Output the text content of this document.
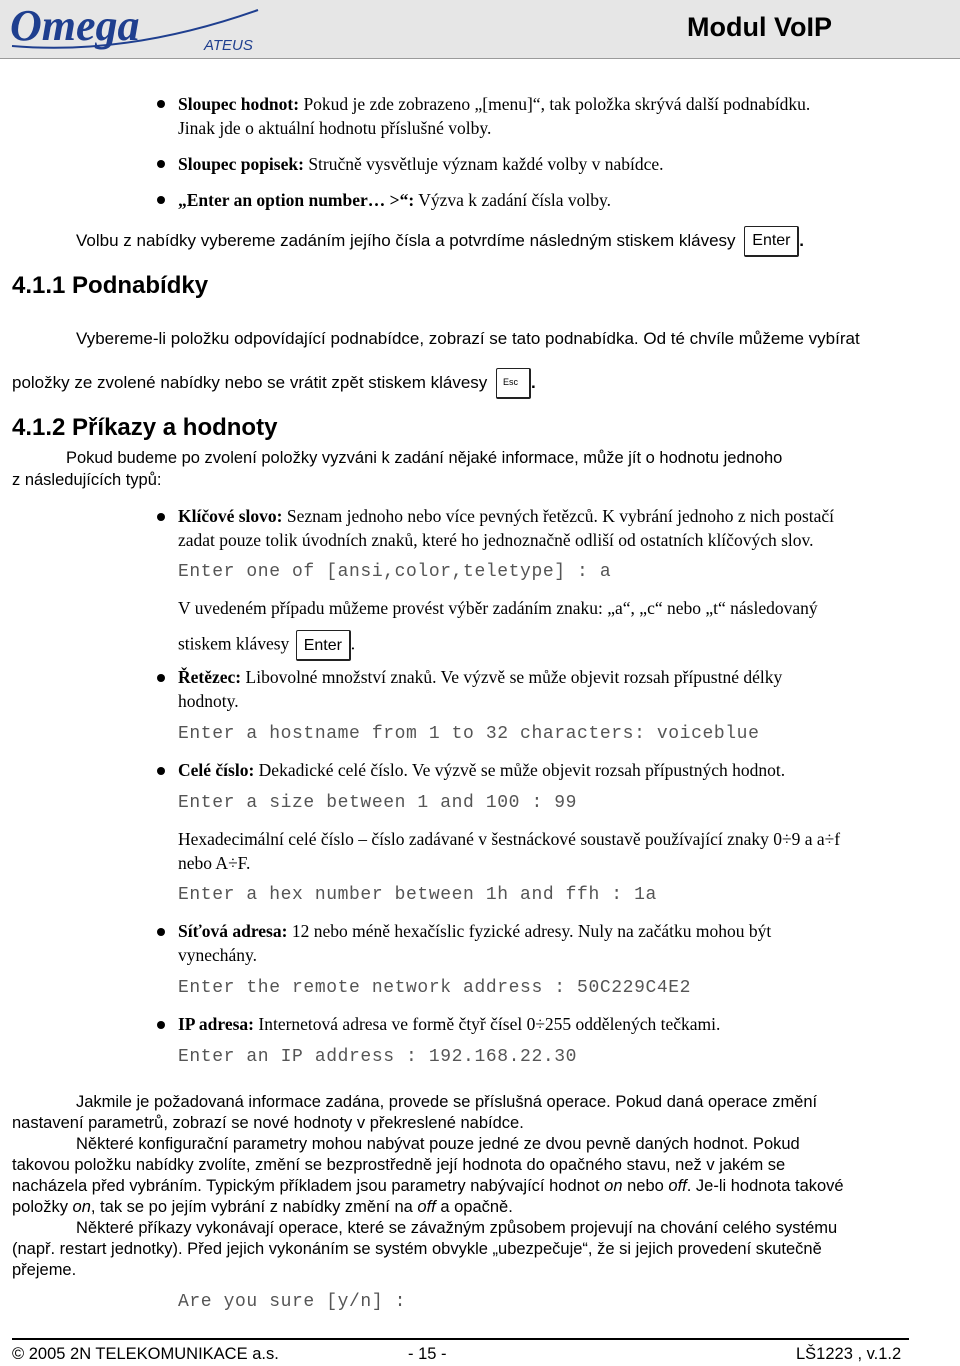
Omega	ATEUS
Modul VoIP
Sloupec hodnot: Pokud je zde zobrazeno „[menu]“, tak položka skrývá další podnabídku.
Jinak jde o aktuální hodnotu příslušné volby.
Sloupec popisek: Stručně vysvětluje význam každé volby v nabídce.
„Enter an option number… >“: Výzva k zadání čísla volby.
Volbu z nabídky vybereme zadáním jejího čísla a potvrdíme následným stiskem klávesy Enter .
4.1.1 Podnabídky
Vybereme-li položku odpovídající podnabídce, zobrazí se tato podnabídka. Od té chvíle můžeme vybírat
položky ze zvolené nabídky nebo se vrátit zpět stiskem klávesy Esc .
4.1.2 Příkazy a hodnoty
Pokud budeme po zvolení položky vyzváni k zadání nějaké informace, může jít o hodnotu jednoho
z následujících typů:
Klíčové slovo: Seznam jednoho nebo více pevných řetězců. K vybrání jednoho z nich postačí
zadat pouze tolik úvodních znaků, které ho jednoznačně odliší od ostatních klíčových slov.
Enter one of [ansi,color,teletype] : a
V uvedeném případu můžeme provést výběr zadáním znaku: „a“, „c“ nebo „t“ následovaný
stiskem klávesy Enter .
Řetězec: Libovolné množství znaků. Ve výzvě se může objevit rozsah přípustné délky
hodnoty.
Enter a hostname from 1 to 32 characters: voiceblue
Celé číslo: Dekadické celé číslo. Ve výzvě se může objevit rozsah přípustných hodnot.
Enter a size between 1 and 100 : 99
Hexadecimální celé číslo – číslo zadávané v šestnáckové soustavě používající znaky 0÷9 a a÷f
nebo A÷F.
Enter a hex number between 1h and ffh : 1a
Síťová adresa: 12 nebo méně hexačíslic fyzické adresy. Nuly na začátku mohou být
vynechány.
Enter the remote network address : 50C229C4E2
IP adresa: Internetová adresa ve formě čtyř čísel 0÷255 oddělených tečkami.
Enter an IP address : 192.168.22.30
Jakmile je požadovaná informace zadána, provede se příslušná operace. Pokud daná operace změní
nastavení parametrů, zobrazí se nové hodnoty v překreslené nabídce.
Některé konfigurační parametry mohou nabývat pouze jedné ze dvou pevně daných hodnot. Pokud
takovou položku nabídky zvolíte, změní se bezprostředně její hodnota do opačného stavu, než v jakém se
nacházela před vybráním. Typickým příkladem jsou parametry nabývající hodnot on nebo off. Je-li hodnota takové
položky on, tak se po jejím vybrání z nabídky změní na off a opačně.
Některé příkazy vykonávají operace, které se závažným způsobem projevují na chování celého systému
(např. restart jednotky). Před jejich vykonáním se systém obvykle „ubezpečuje“, že si jejich provedení skutečně
přejeme.
Are you sure [y/n] :
© 2005 2N TELEKOMUNIKACE a.s.	- 15 -	LŠ1223 , v.1.2
